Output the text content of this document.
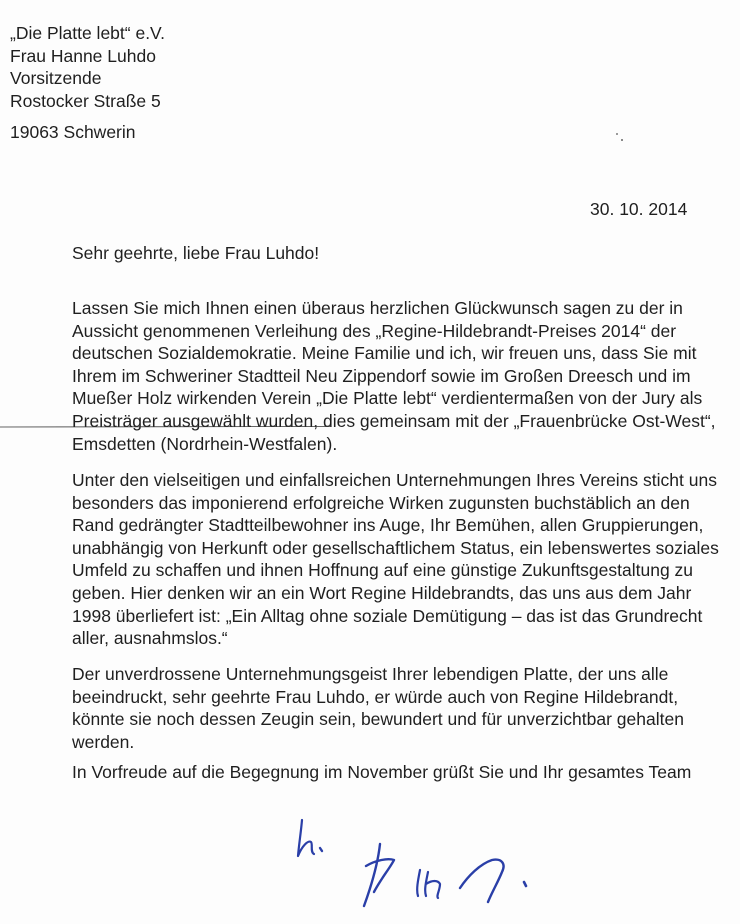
„Die Platte lebt“ e.V.
Frau Hanne Luhdo
Vorsitzende
Rostocker Straße 5
19063 Schwerin
30. 10. 2014
Sehr geehrte, liebe Frau Luhdo!
Lassen Sie mich Ihnen einen überaus herzlichen Glückwunsch sagen zu der in
Aussicht genommenen Verleihung des „Regine-Hildebrandt-Preises 2014“ der
deutschen Sozialdemokratie. Meine Familie und ich, wir freuen uns, dass Sie mit
Ihrem im Schweriner Stadtteil Neu Zippendorf sowie im Großen Dreesch und im
Mueßer Holz wirkenden Verein „Die Platte lebt“ verdientermaßen von der Jury als
Preisträger ausgewählt wurden, dies gemeinsam mit der „Frauenbrücke Ost-West“,
Emsdetten (Nordrhein-Westfalen).
Unter den vielseitigen und einfallsreichen Unternehmungen Ihres Vereins sticht uns
besonders das imponierend erfolgreiche Wirken zugunsten buchstäblich an den
Rand gedrängter Stadtteilbewohner ins Auge, Ihr Bemühen, allen Gruppierungen,
unabhängig von Herkunft oder gesellschaftlichem Status, ein lebenswertes soziales
Umfeld zu schaffen und ihnen Hoffnung auf eine günstige Zukunftsgestaltung zu
geben. Hier denken wir an ein Wort Regine Hildebrandts, das uns aus dem Jahr
1998 überliefert ist: „Ein Alltag ohne soziale Demütigung – das ist das Grundrecht
aller, ausnahmslos.“
Der unverdrossene Unternehmungsgeist Ihrer lebendigen Platte, der uns alle
beeindruckt, sehr geehrte Frau Luhdo, er würde auch von Regine Hildebrandt,
könnte sie noch dessen Zeugin sein, bewundert und für unverzichtbar gehalten
werden.
In Vorfreude auf die Begegnung im November grüßt Sie und Ihr gesamtes Team
